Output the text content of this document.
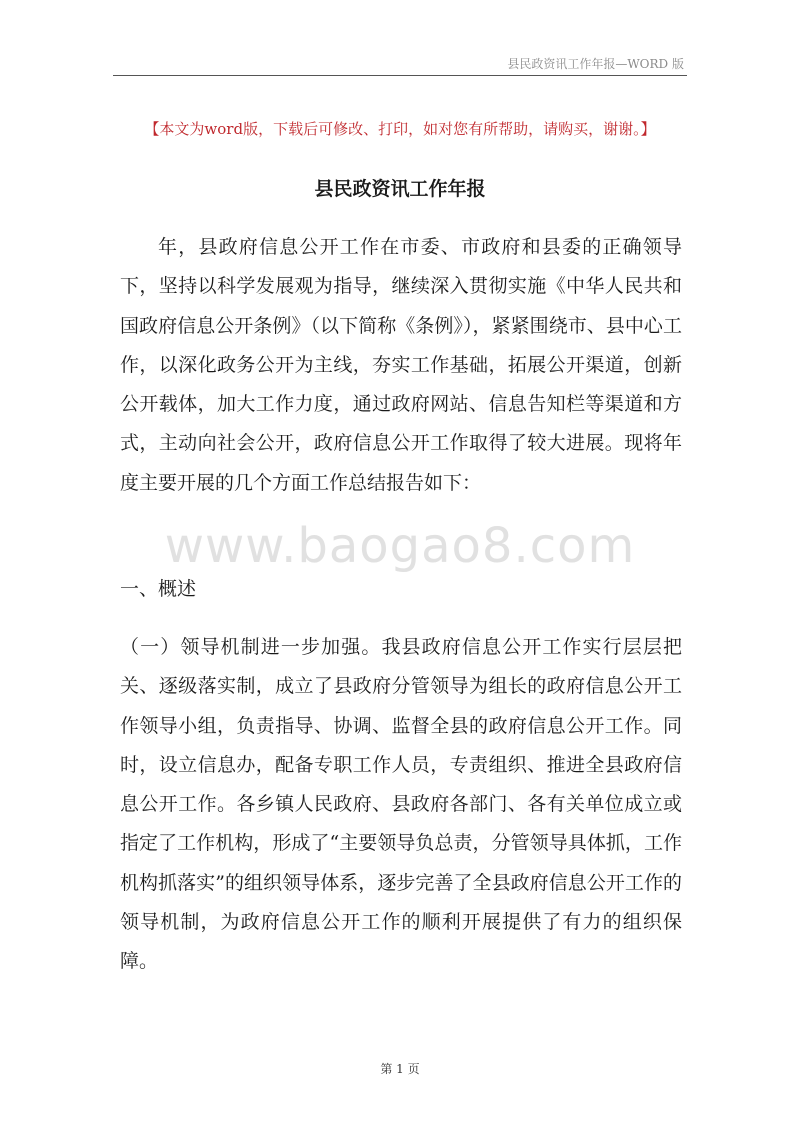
县民政资讯工作年报—WORD 版
【本文为word版，下载后可修改、打印，如对您有所帮助，请购买，谢谢。】
县民政资讯工作年报
年，县政府信息公开工作在市委、市政府和县委的正确领导下，坚持以科学发展观为指导，继续深入贯彻实施《中华人民共和国政府信息公开条例》（以下简称《条例》），紧紧围绕市、县中心工作，以深化政务公开为主线，夯实工作基础，拓展公开渠道，创新公开载体，加大工作力度，通过政府网站、信息告知栏等渠道和方式，主动向社会公开，政府信息公开工作取得了较大进展。现将年度主要开展的几个方面工作总结报告如下：
www.baogao8.com
一、概述
（一）领导机制进一步加强。我县政府信息公开工作实行层层把关、逐级落实制，成立了县政府分管领导为组长的政府信息公开工作领导小组，负责指导、协调、监督全县的政府信息公开工作。同时，设立信息办，配备专职工作人员，专责组织、推进全县政府信息公开工作。各乡镇人民政府、县政府各部门、各有关单位成立或指定了工作机构，形成了“主要领导负总责，分管领导具体抓，工作机构抓落实”的组织领导体系，逐步完善了全县政府信息公开工作的领导机制，为政府信息公开工作的顺利开展提供了有力的组织保障。
第 1 页
